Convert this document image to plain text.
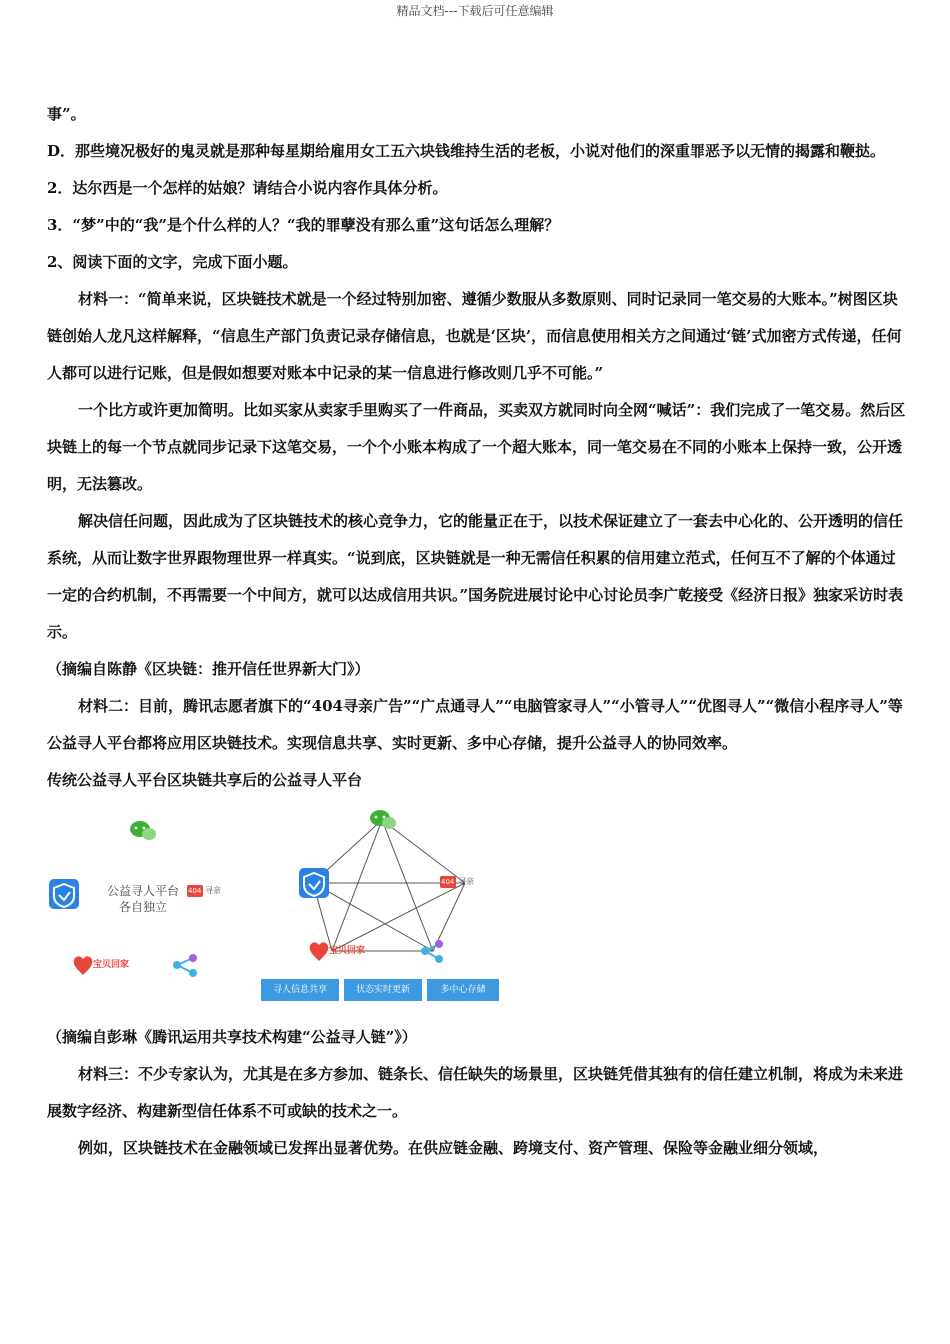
精品文档---下载后可任意编辑

事”。

D．那些境况极好的鬼灵就是那种每星期给雇用女工五六块钱维持生活的老板，小说对他们的深重罪恶予以无情的揭露和鞭挞。

2．达尔西是一个怎样的姑娘？请结合小说内容作具体分析。

3．“梦”中的“我”是个什么样的人？“我的罪孽没有那么重”这句话怎么理解？

2、阅读下面的文字，完成下面小题。

材料一：“简单来说，区块链技术就是一个经过特别加密、遵循少数服从多数原则、同时记录同一笔交易的大账本。”树图区块链创始人龙凡这样解释，“信息生产部门负责记录存储信息，也就是‘区块’，而信息使用相关方之间通过‘链’式加密方式传递，任何人都可以进行记账，但是假如想要对账本中记录的某一信息进行修改则几乎不可能。”

一个比方或许更加简明。比如买家从卖家手里购买了一件商品，买卖双方就同时向全网“喊话”：我们完成了一笔交易。然后区块链上的每一个节点就同步记录下这笔交易，一个个小账本构成了一个超大账本，同一笔交易在不同的小账本上保持一致，公开透明，无法篡改。

解决信任问题，因此成为了区块链技术的核心竞争力，它的能量正在于，以技术保证建立了一套去中心化的、公开透明的信任系统，从而让数字世界跟物理世界一样真实。“说到底，区块链就是一种无需信任积累的信用建立范式，任何互不了解的个体通过一定的合约机制，不再需要一个中间方，就可以达成信用共识。”国务院进展讨论中心讨论员李广乾接受《经济日报》独家采访时表示。

（摘编自陈静《区块链：推开信任世界新大门》）

材料二：目前，腾讯志愿者旗下的“404寻亲广告”“广点通寻人”“电脑管家寻人”“小管寻人”“优图寻人”“微信小程序寻人”等公益寻人平台都将应用区块链技术。实现信息共享、实时更新、多中心存储，提升公益寻人的协同效率。

传统公益寻人平台区块链共享后的公益寻人平台

公益寻人平台
各自独立
404 寻亲
宝贝回家
404 寻亲
宝贝回家
寻人信息共享	状态实时更新	多中心存储

（摘编自彭琳《腾讯运用共享技术构建“公益寻人链”》）

材料三：不少专家认为，尤其是在多方参加、链条长、信任缺失的场景里，区块链凭借其独有的信任建立机制，将成为未来进展数字经济、构建新型信任体系不可或缺的技术之一。

例如，区块链技术在金融领域已发挥出显著优势。在供应链金融、跨境支付、资产管理、保险等金融业细分领域，
